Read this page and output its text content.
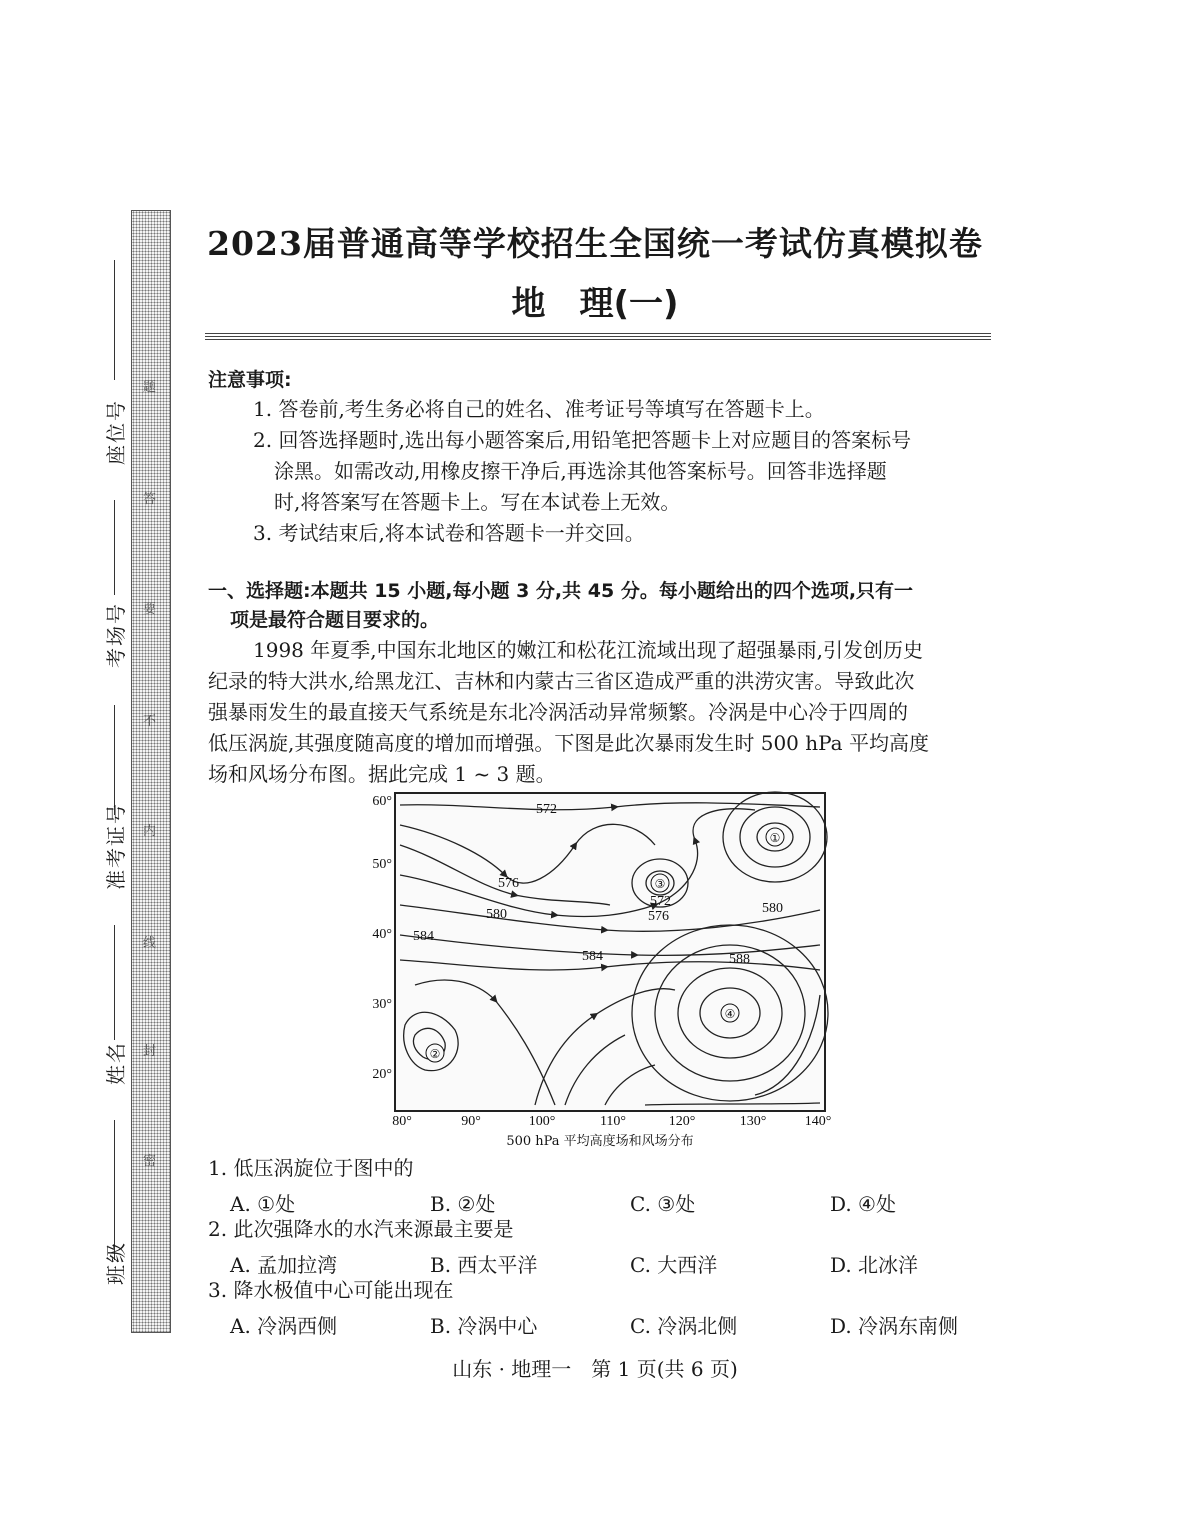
题
答
要
不
内
线
封
密
座位号
考场号
准考证号
姓名
班级
2023届普通高等学校招生全国统一考试仿真模拟卷
地　理(一)
注意事项:
1. 答卷前,考生务必将自己的姓名、准考证号等填写在答题卡上。
2. 回答选择题时,选出每小题答案后,用铅笔把答题卡上对应题目的答案标号
涂黑。如需改动,用橡皮擦干净后,再选涂其他答案标号。回答非选择题
时,将答案写在答题卡上。写在本试卷上无效。
3. 考试结束后,将本试卷和答题卡一并交回。
一、选择题:本题共 15 小题,每小题 3 分,共 45 分。每小题给出的四个选项,只有一
项是最符合题目要求的。
1998 年夏季,中国东北地区的嫩江和松花江流域出现了超强暴雨,引发创历史
纪录的特大洪水,给黑龙江、吉林和内蒙古三省区造成严重的洪涝灾害。导致此次
强暴雨发生的最直接天气系统是东北冷涡活动异常频繁。冷涡是中心冷于四周的
低压涡旋,其强度随高度的增加而增强。下图是此次暴雨发生时 500 hPa 平均高度
场和风场分布图。据此完成 1 ~ 3 题。
572
576
580
572
576
580
584
584	588
①
②
③
④
60°
50°
40°
30°
20°
80°	90°	100°	110°	120°	130°	140°
500 hPa 平均高度场和风场分布
1. 低压涡旋位于图中的
A. ①处	B. ②处	C. ③处	D. ④处
2. 此次强降水的水汽来源最主要是
A. 孟加拉湾	B. 西太平洋	C. 大西洋	D. 北冰洋
3. 降水极值中心可能出现在
A. 冷涡西侧	B. 冷涡中心	C. 冷涡北侧	D. 冷涡东南侧
山东 · 地理一　第 1 页(共 6 页)
